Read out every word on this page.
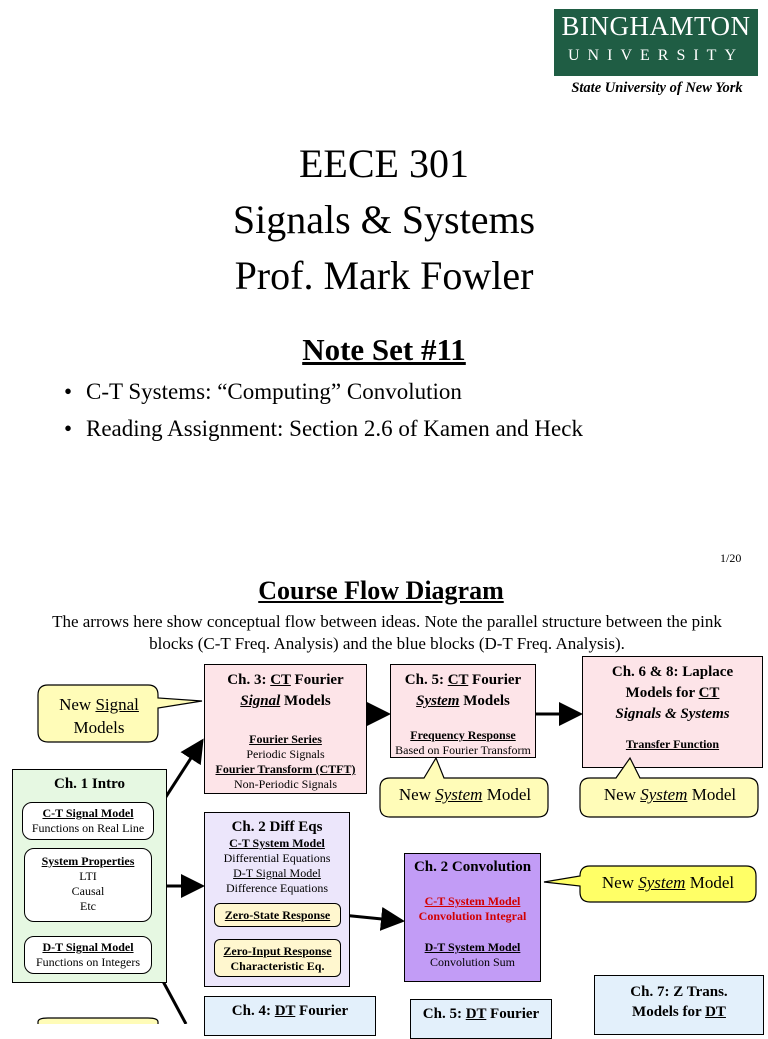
BINGHAMTON
UNIVERSITY
State University of New York
EECE 301
Signals & Systems
Prof. Mark Fowler
Note Set #11
• C-T Systems: “Computing” Convolution
• Reading Assignment: Section 2.6 of Kamen and Heck
1/20
Course Flow Diagram
The arrows here show conceptual flow between ideas. Note the parallel structure between the pink blocks (C-T Freq. Analysis) and the blue blocks (D-T Freq. Analysis).
New Signal
Models
Ch. 3: CT Fourier
Signal Models
Fourier Series
Periodic Signals
Fourier Transform (CTFT)
Non-Periodic Signals
Ch. 5: CT Fourier
System Models
Frequency Response
Based on Fourier Transform
Ch. 6 & 8: Laplace
Models for CT
Signals & Systems
Transfer Function
New System Model	New System Model
Ch. 1 Intro
C-T Signal Model
Functions on Real Line
System Properties
LTI
Causal
Etc
D-T Signal Model
Functions on Integers
Ch. 2 Diff Eqs
C-T System Model
Differential Equations
D-T Signal Model
Difference Equations
Zero-State Response
Zero-Input Response
Characteristic Eq.
Ch. 2 Convolution
C-T System Model
Convolution Integral
D-T System Model
Convolution Sum
New System Model
Ch. 4: DT Fourier	Ch. 5: DT Fourier
Ch. 7: Z Trans.
Models for DT
